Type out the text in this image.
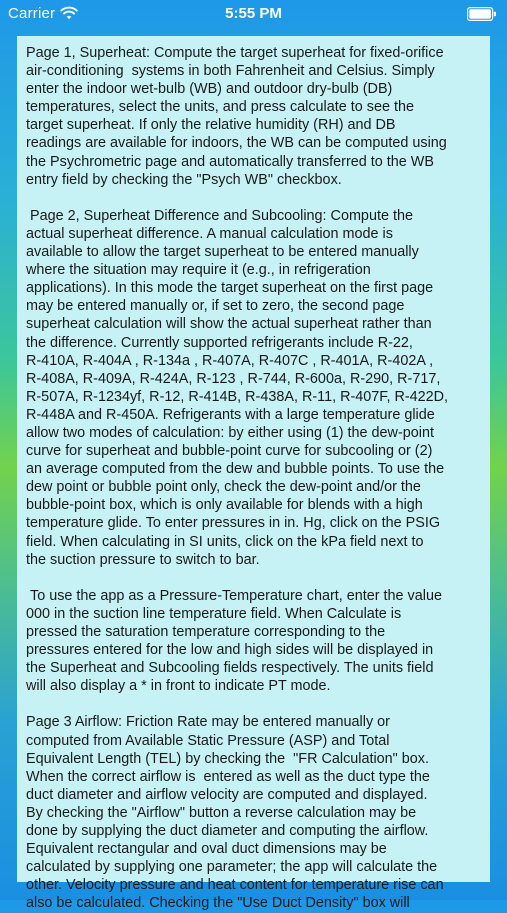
Carrier	5:55 PM

Page 1, Superheat: Compute the target superheat for fixed-orifice
air-conditioning  systems in both Fahrenheit and Celsius. Simply
enter the indoor wet-bulb (WB) and outdoor dry-bulb (DB)
temperatures, select the units, and press calculate to see the
target superheat. If only the relative humidity (RH) and DB
readings are available for indoors, the WB can be computed using
the Psychrometric page and automatically transferred to the WB
entry field by checking the "Psych WB" checkbox.

Page 2, Superheat Difference and Subcooling: Compute the
actual superheat difference. A manual calculation mode is
available to allow the target superheat to be entered manually
where the situation may require it (e.g., in refrigeration
applications). In this mode the target superheat on the first page
may be entered manually or, if set to zero, the second page
superheat calculation will show the actual superheat rather than
the difference. Currently supported refrigerants include R-22,
R-410A, R-404A , R-134a , R-407A, R-407C , R-401A, R-402A ,
R-408A, R-409A, R-424A, R-123 , R-744, R-600a, R-290, R-717,
R-507A, R-1234yf, R-12, R-414B, R-438A, R-11, R-407F, R-422D,
R-448A and R-450A. Refrigerants with a large temperature glide
allow two modes of calculation: by either using (1) the dew-point
curve for superheat and bubble-point curve for subcooling or (2)
an average computed from the dew and bubble points. To use the
dew point or bubble point only, check the dew-point and/or the
bubble-point box, which is only available for blends with a high
temperature glide. To enter pressures in in. Hg, click on the PSIG
field. When calculating in SI units, click on the kPa field next to
the suction pressure to switch to bar.

To use the app as a Pressure-Temperature chart, enter the value
000 in the suction line temperature field. When Calculate is
pressed the saturation temperature corresponding to the
pressures entered for the low and high sides will be displayed in
the Superheat and Subcooling fields respectively. The units field
will also display a * in front to indicate PT mode.

Page 3 Airflow: Friction Rate may be entered manually or
computed from Available Static Pressure (ASP) and Total
Equivalent Length (TEL) by checking the  "FR Calculation" box.
When the correct airflow is  entered as well as the duct type the
duct diameter and airflow velocity are computed and displayed.
By checking the "Airflow" button a reverse calculation may be
done by supplying the duct diameter and computing the airflow.
Equivalent rectangular and oval duct dimensions may be
calculated by supplying one parameter; the app will calculate the
other. Velocity pressure and heat content for temperature rise can
also be calculated. Checking the "Use Duct Density" box will
